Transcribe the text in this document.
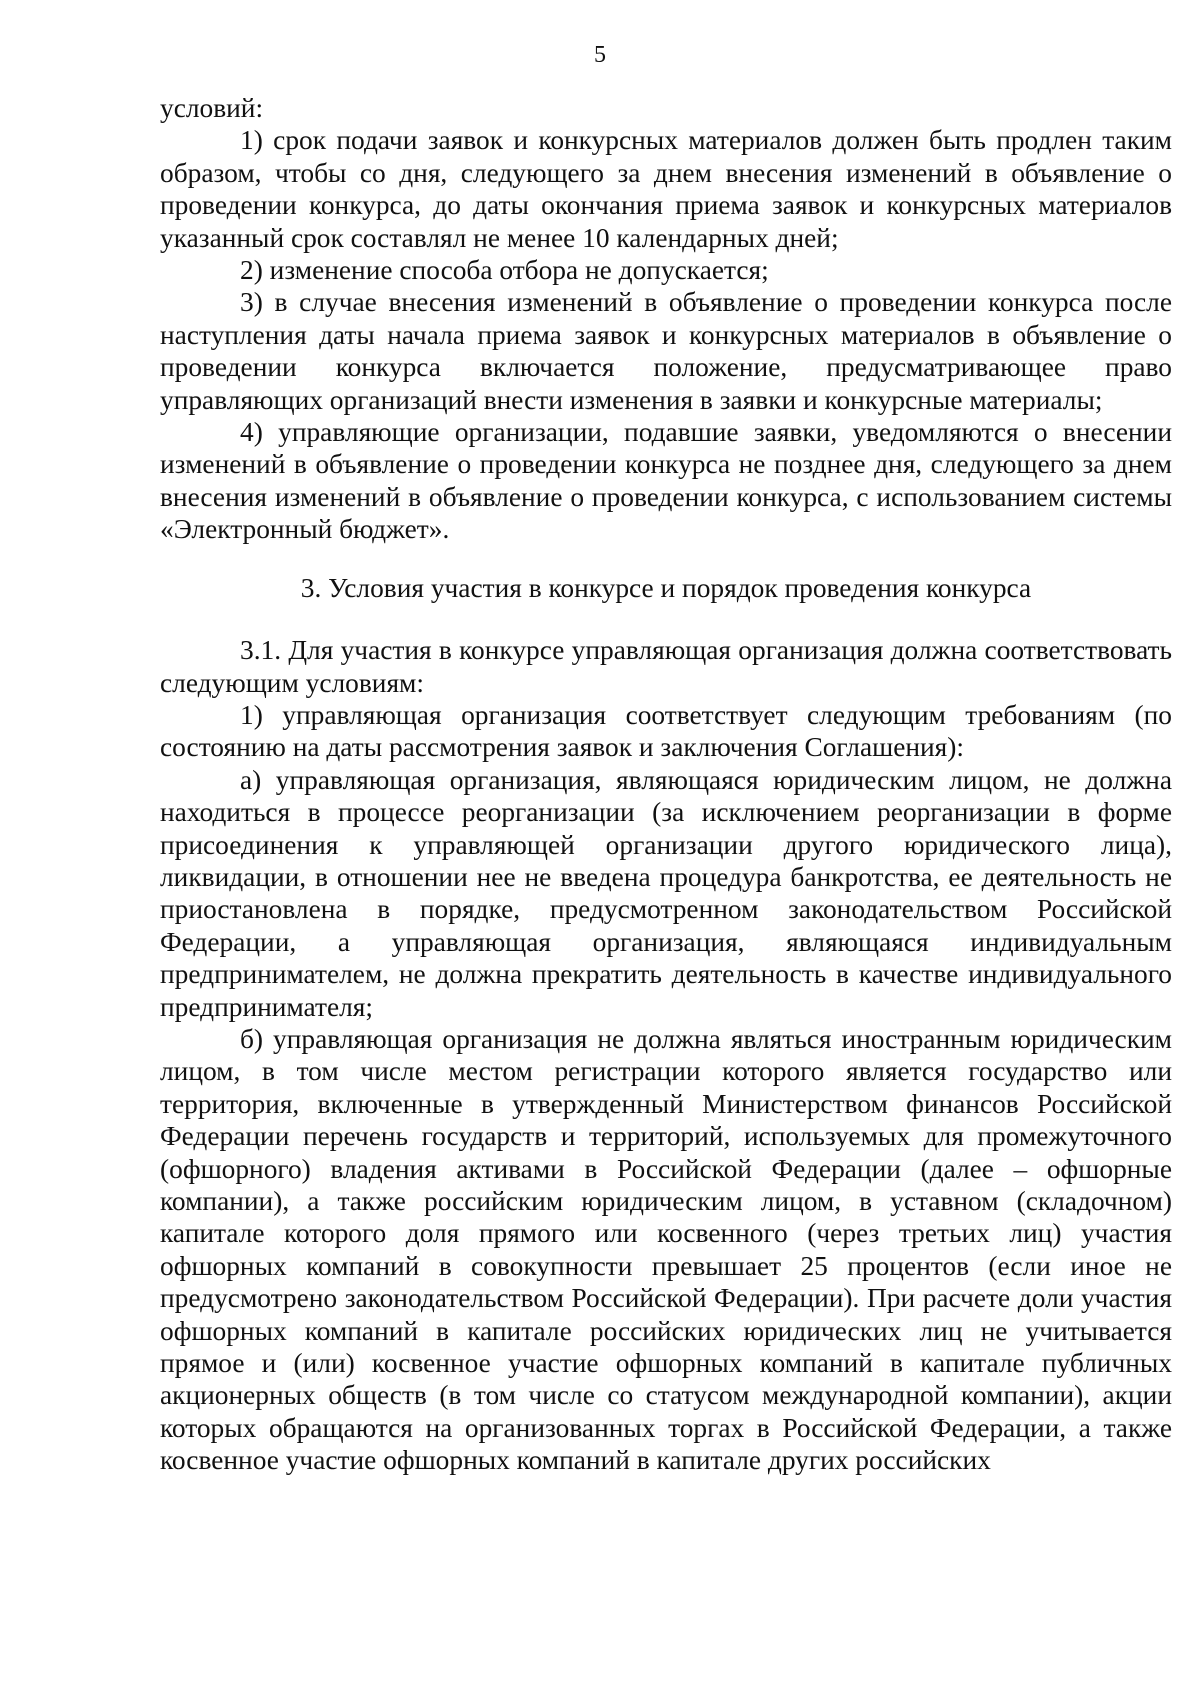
5

условий:

1) срок подачи заявок и конкурсных материалов должен быть продлен таким образом, чтобы со дня, следующего за днем внесения изменений в объявление о проведении конкурса, до даты окончания приема заявок и конкурсных материалов указанный срок составлял не менее 10 календарных дней;

2) изменение способа отбора не допускается;

3) в случае внесения изменений в объявление о проведении конкурса после наступления даты начала приема заявок и конкурсных материалов в объявление о проведении конкурса включается положение, предусматривающее право управляющих организаций внести изменения в заявки и конкурсные материалы;

4) управляющие организации, подавшие заявки, уведомляются о внесении изменений в объявление о проведении конкурса не позднее дня, следующего за днем внесения изменений в объявление о проведении конкурса, с использованием системы «Электронный бюджет».

3. Условия участия в конкурсе и порядок проведения конкурса

3.1. Для участия в конкурсе управляющая организация должна соответствовать следующим условиям:

1) управляющая организация соответствует следующим требованиям (по состоянию на даты рассмотрения заявок и заключения Соглашения):

а) управляющая организация, являющаяся юридическим лицом, не должна находиться в процессе реорганизации (за исключением реорганизации в форме присоединения к управляющей организации другого юридического лица), ликвидации, в отношении нее не введена процедура банкротства, ее деятельность не приостановлена в порядке, предусмотренном законодательством Российской Федерации, а управляющая организация, являющаяся индивидуальным предпринимателем, не должна прекратить деятельность в качестве индивидуального предпринимателя;

б) управляющая организация не должна являться иностранным юридическим лицом, в том числе местом регистрации которого является государство или территория, включенные в утвержденный Министерством финансов Российской Федерации перечень государств и территорий, используемых для промежуточного (офшорного) владения активами в Российской Федерации (далее – офшорные компании), а также российским юридическим лицом, в уставном (складочном) капитале которого доля прямого или косвенного (через третьих лиц) участия офшорных компаний в совокупности превышает 25 процентов (если иное не предусмотрено законодательством Российской Федерации). При расчете доли участия офшорных компаний в капитале российских юридических лиц не учитывается прямое и (или) косвенное участие офшорных компаний в капитале публичных акционерных обществ (в том числе со статусом международной компании), акции которых обращаются на организованных торгах в Российской Федерации, а также косвенное участие офшорных компаний в капитале других российских
